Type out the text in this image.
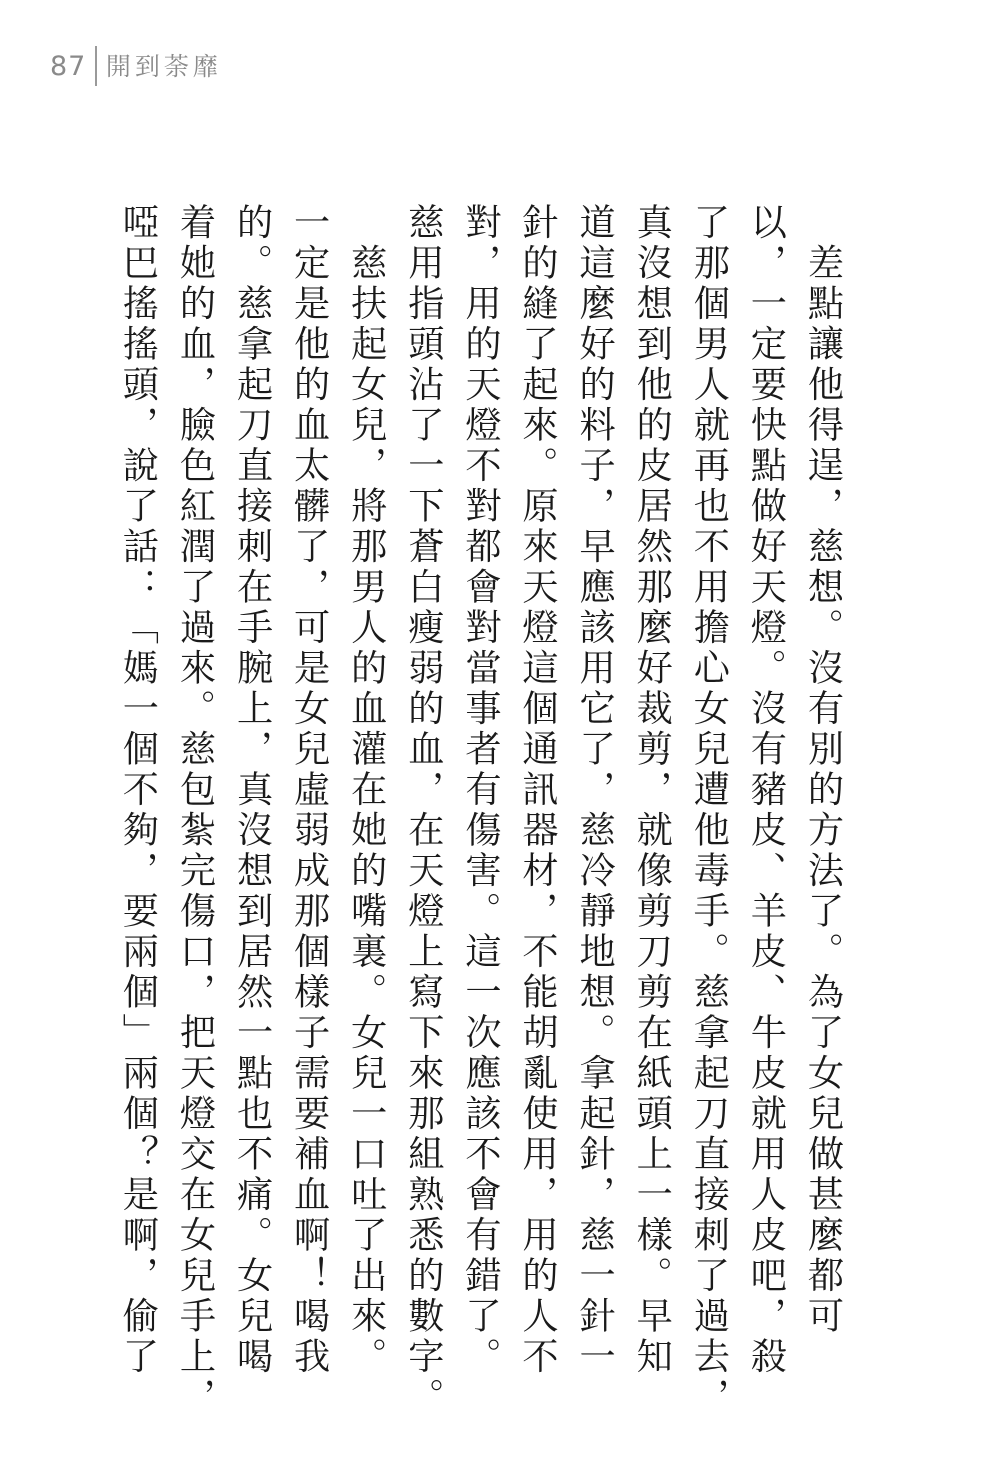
87 開到荼靡

　差點讓他得逞，慈想。沒有別的方法了。為了女兒做甚麼都可
以，一定要快點做好天燈。沒有豬皮、羊皮、牛皮就用人皮吧，殺
了那個男人就再也不用擔心女兒遭他毒手。慈拿起刀直接刺了過去，
真沒想到他的皮居然那麼好裁剪，就像剪刀剪在紙頭上一樣。早知
道這麼好的料子，早應該用它了，慈冷靜地想。拿起針，慈一針一
針的縫了起來。原來天燈這個通訊器材，不能胡亂使用，用的人不
對，用的天燈不對都會對當事者有傷害。這一次應該不會有錯了。

慈用指頭沾了一下蒼白瘦弱的血，在天燈上寫下來那組熟悉的數字。

　慈扶起女兒，將那男人的血灌在她的嘴裏。女兒一口吐了出來。
一定是他的血太髒了，可是女兒虛弱成那個樣子需要補血啊！喝我
的。慈拿起刀直接刺在手腕上，真沒想到居然一點也不痛。女兒喝
着她的血，臉色紅潤了過來。慈包紮完傷口，把天燈交在女兒手上，
啞巴搖搖頭，說了話：「媽一個不夠，要兩個」兩個？是啊，偷了
